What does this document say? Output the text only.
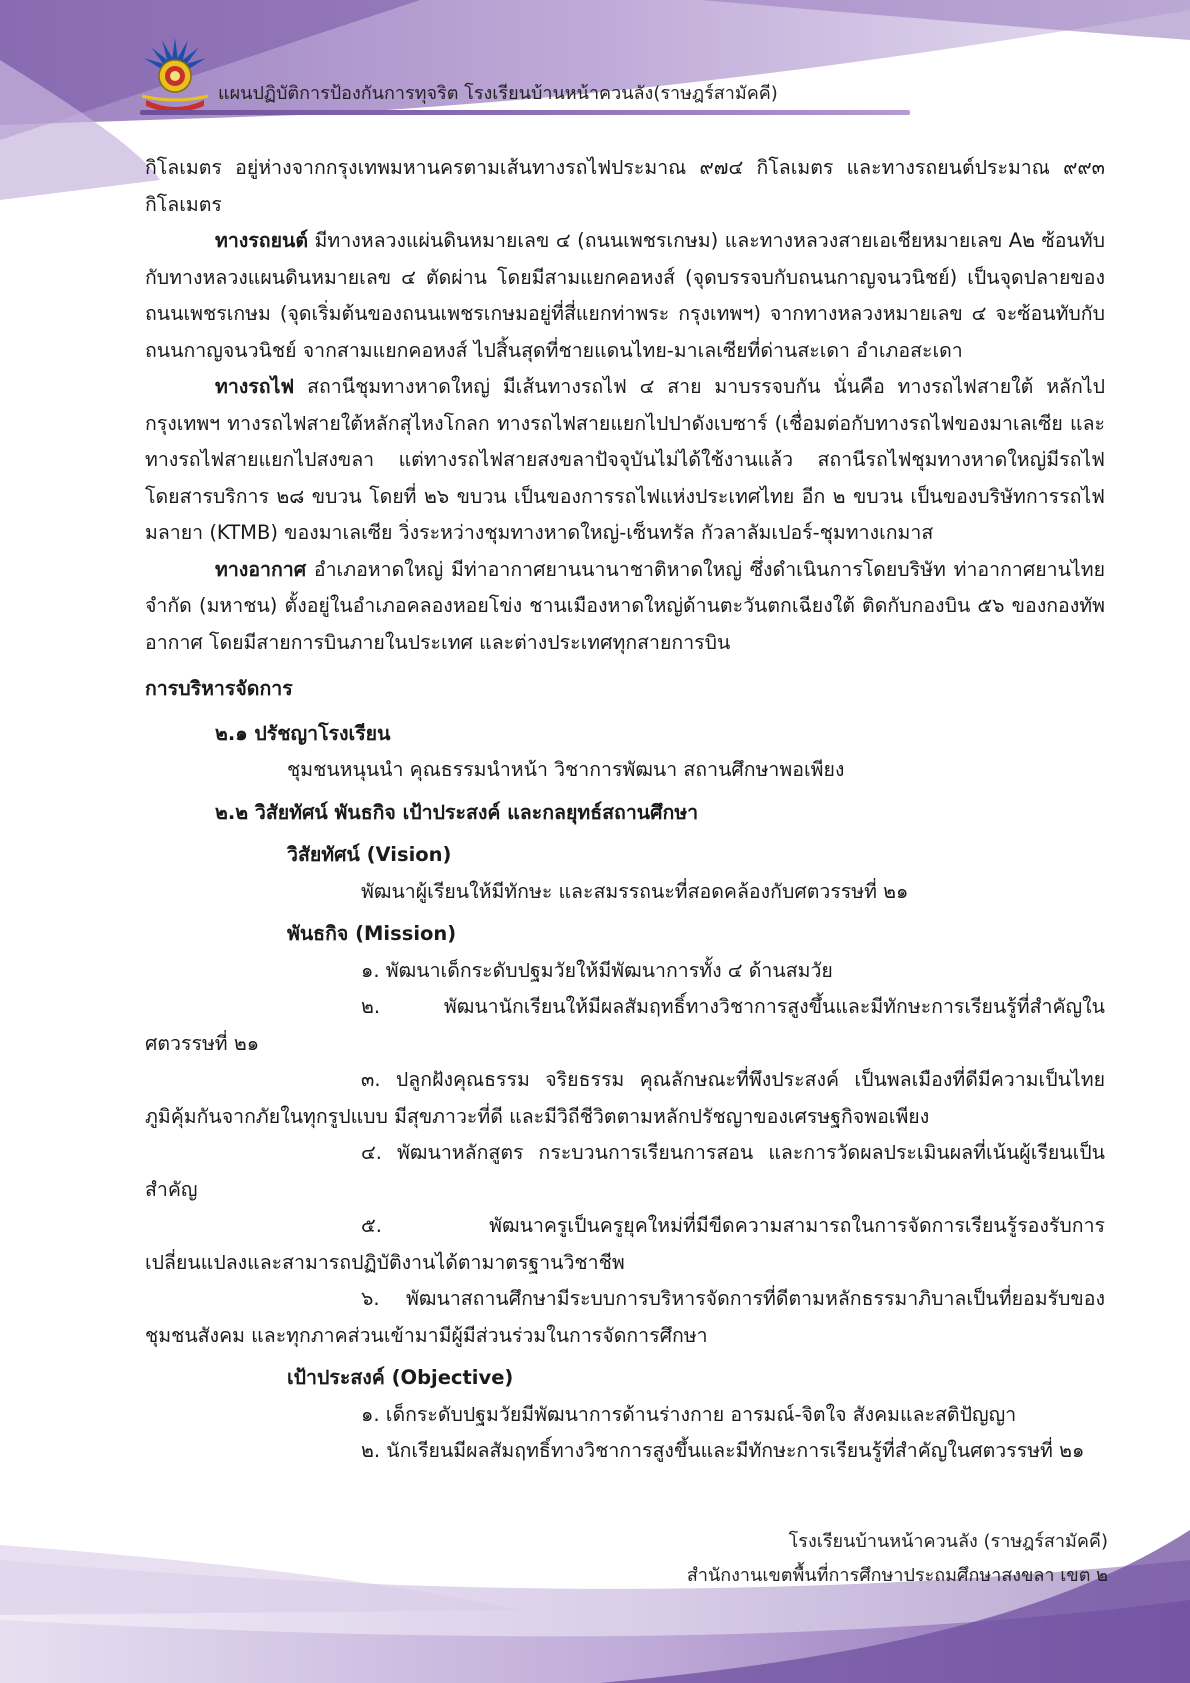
แผนปฏิบัติการป้องกันการทุจริต โรงเรียนบ้านหน้าควนลัง(ราษฎร์สามัคคี)

กิโลเมตร อยู่ห่างจากกรุงเทพมหานครตามเส้นทางรถไฟประมาณ ๙๗๔ กิโลเมตร และทางรถยนต์ประมาณ ๙๙๓ กิโลเมตร

ทางรถยนต์ มีทางหลวงแผ่นดินหมายเลข ๔ (ถนนเพชรเกษม) และทางหลวงสายเอเชียหมายเลข A๒ ซ้อนทับกับทางหลวงแผนดินหมายเลข ๔ ตัดผ่าน โดยมีสามแยกคอหงส์ (จุดบรรจบกับถนนกาญจนวนิชย์) เป็นจุดปลายของถนนเพชรเกษม (จุดเริ่มต้นของถนนเพชรเกษมอยู่ที่สี่แยกท่าพระ กรุงเทพฯ) จากทางหลวงหมายเลข ๔ จะซ้อนทับกับถนนกาญจนวนิชย์ จากสามแยกคอหงส์ ไปสิ้นสุดที่ชายแดนไทย-มาเลเซียที่ด่านสะเดา อำเภอสะเดา

ทางรถไฟ สถานีชุมทางหาดใหญ่ มีเส้นทางรถไฟ ๔ สาย มาบรรจบกัน นั่นคือ ทางรถไฟสายใต้ หลักไปกรุงเทพฯ ทางรถไฟสายใต้หลักสุไหงโกลก ทางรถไฟสายแยกไปปาดังเบซาร์ (เชื่อมต่อกับทางรถไฟของมาเลเซีย และทางรถไฟสายแยกไปสงขลา แต่ทางรถไฟสายสงขลาปัจจุบันไม่ได้ใช้งานแล้ว สถานีรถไฟชุมทางหาดใหญ่มีรถไฟโดยสารบริการ ๒๘ ขบวน โดยที่ ๒๖ ขบวน เป็นของการรถไฟแห่งประเทศไทย อีก ๒ ขบวน เป็นของบริษัทการรถไฟมลายา (KTMB) ของมาเลเซีย วิ่งระหว่างชุมทางหาดใหญ่-เซ็นทรัล กัวลาลัมเปอร์-ชุมทางเกมาส

ทางอากาศ อำเภอหาดใหญ่ มีท่าอากาศยานนานาชาติหาดใหญ่ ซึ่งดำเนินการโดยบริษัท ท่าอากาศยานไทย จำกัด (มหาชน) ตั้งอยู่ในอำเภอคลองหอยโข่ง ชานเมืองหาดใหญ่ด้านตะวันตกเฉียงใต้ ติดกับกองบิน ๕๖ ของกองทัพอากาศ โดยมีสายการบินภายในประเทศ และต่างประเทศทุกสายการบิน

การบริหารจัดการ

๒.๑ ปรัชญาโรงเรียน

ชุมชนหนุนนำ คุณธรรมนำหน้า วิชาการพัฒนา สถานศึกษาพอเพียง

๒.๒ วิสัยทัศน์ พันธกิจ เป้าประสงค์ และกลยุทธ์สถานศึกษา

วิสัยทัศน์ (Vision)

พัฒนาผู้เรียนให้มีทักษะ และสมรรถนะที่สอดคล้องกับศตวรรษที่ ๒๑

พันธกิจ (Mission)

๑. พัฒนาเด็กระดับปฐมวัยให้มีพัฒนาการทั้ง ๔ ด้านสมวัย

๒. พัฒนานักเรียนให้มีผลสัมฤทธิ์ทางวิชาการสูงขึ้นและมีทักษะการเรียนรู้ที่สำคัญในศตวรรษที่ ๒๑

๓. ปลูกฝังคุณธรรม จริยธรรม คุณลักษณะที่พึงประสงค์ เป็นพลเมืองที่ดีมีความเป็นไทย ภูมิคุ้มกันจากภัยในทุกรูปแบบ มีสุขภาวะที่ดี และมีวิถีชีวิตตามหลักปรัชญาของเศรษฐกิจพอเพียง

๔. พัฒนาหลักสูตร กระบวนการเรียนการสอน และการวัดผลประเมินผลที่เน้นผู้เรียนเป็นสำคัญ

๕. พัฒนาครูเป็นครูยุคใหม่ที่มีขีดความสามารถในการจัดการเรียนรู้รองรับการเปลี่ยนแปลงและสามารถปฏิบัติงานได้ตามาตรฐานวิชาชีพ

๖. พัฒนาสถานศึกษามีระบบการบริหารจัดการที่ดีตามหลักธรรมาภิบาลเป็นที่ยอมรับของชุมชนสังคม และทุกภาคส่วนเข้ามามีผู้มีส่วนร่วมในการจัดการศึกษา

เป้าประสงค์ (Objective)

๑. เด็กระดับปฐมวัยมีพัฒนาการด้านร่างกาย อารมณ์-จิตใจ สังคมและสติปัญญา

๒. นักเรียนมีผลสัมฤทธิ์ทางวิชาการสูงขึ้นและมีทักษะการเรียนรู้ที่สำคัญในศตวรรษที่ ๒๑

โรงเรียนบ้านหน้าควนลัง (ราษฎร์สามัคคี)
สำนักงานเขตพื้นที่การศึกษาประถมศึกษาสงขลา เขต ๒
